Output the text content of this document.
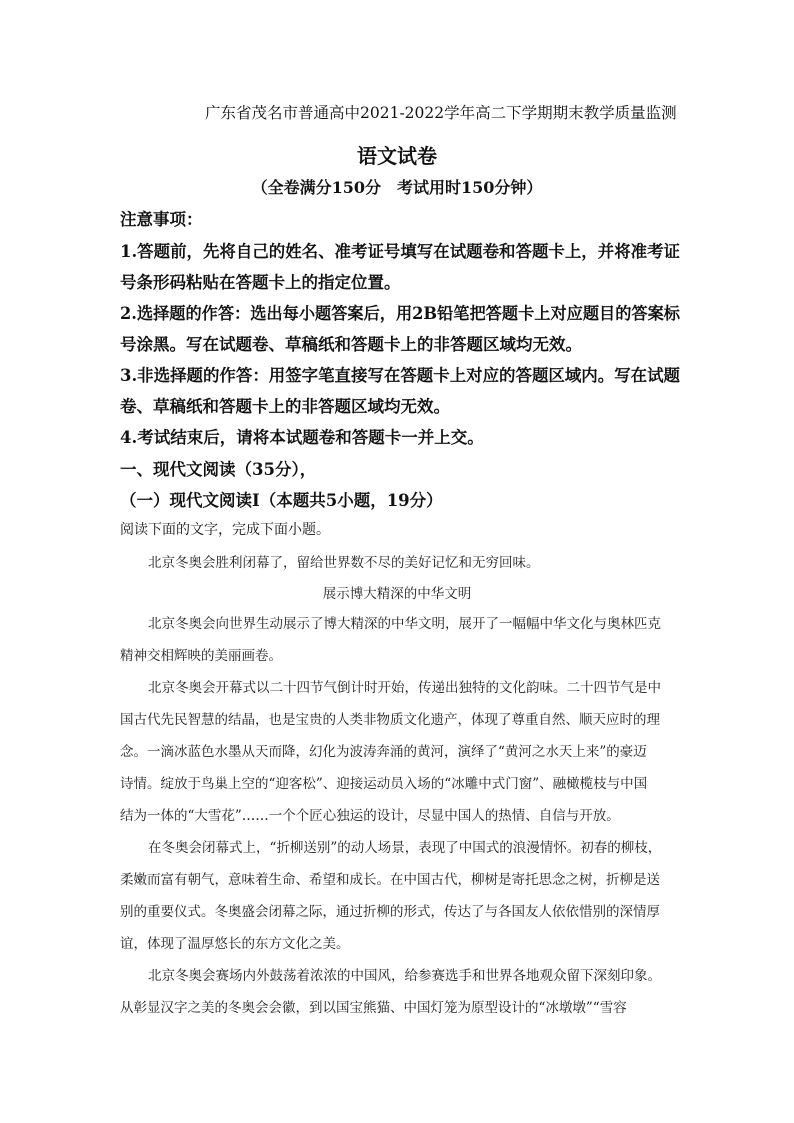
广东省茂名市普通高中2021-2022学年高二下学期期末教学质量监测

语文试卷

（全卷满分150分　考试用时150分钟）

注意事项：

1.答题前，先将自己的姓名、准考证号填写在试题卷和答题卡上，并将准考证

号条形码粘贴在答题卡上的指定位置。

2.选择题的作答：选出每小题答案后，用2B铅笔把答题卡上对应题目的答案标

号涂黑。写在试题卷、草稿纸和答题卡上的非答题区域均无效。

3.非选择题的作答：用签字笔直接写在答题卡上对应的答题区域内。写在试题

卷、草稿纸和答题卡上的非答题区域均无效。

4.考试结束后，请将本试题卷和答题卡一并上交。

一、现代文阅读（35分），

（一）现代文阅读Ⅰ（本题共5小题，19分）

阅读下面的文字，完成下面小题。

北京冬奥会胜利闭幕了，留给世界数不尽的美好记忆和无穷回味。

展示博大精深的中华文明

北京冬奥会向世界生动展示了博大精深的中华文明，展开了一幅幅中华文化与奥林匹克

精神交相辉映的美丽画卷。

北京冬奥会开幕式以二十四节气倒计时开始，传递出独特的文化韵味。二十四节气是中

国古代先民智慧的结晶，也是宝贵的人类非物质文化遗产，体现了尊重自然、顺天应时的理

念。一滴冰蓝色水墨从天而降，幻化为波涛奔涌的黄河，演绎了“黄河之水天上来”的豪迈

诗情。绽放于鸟巢上空的“迎客松”、迎接运动员入场的“冰雕中式门窗”、融橄榄枝与中国

结为一体的“大雪花”……一个个匠心独运的设计，尽显中国人的热情、自信与开放。

在冬奥会闭幕式上，“折柳送别”的动人场景，表现了中国式的浪漫情怀。初春的柳枝，

柔嫩而富有朝气，意味着生命、希望和成长。在中国古代，柳树是寄托思念之树，折柳是送

别的重要仪式。冬奥盛会闭幕之际，通过折柳的形式，传达了与各国友人依依惜别的深情厚

谊，体现了温厚悠长的东方文化之美。

北京冬奥会赛场内外鼓荡着浓浓的中国风，给参赛选手和世界各地观众留下深刻印象。

从彰显汉字之美的冬奥会会徽，到以国宝熊猫、中国灯笼为原型设计的“冰墩墩”“雪容
